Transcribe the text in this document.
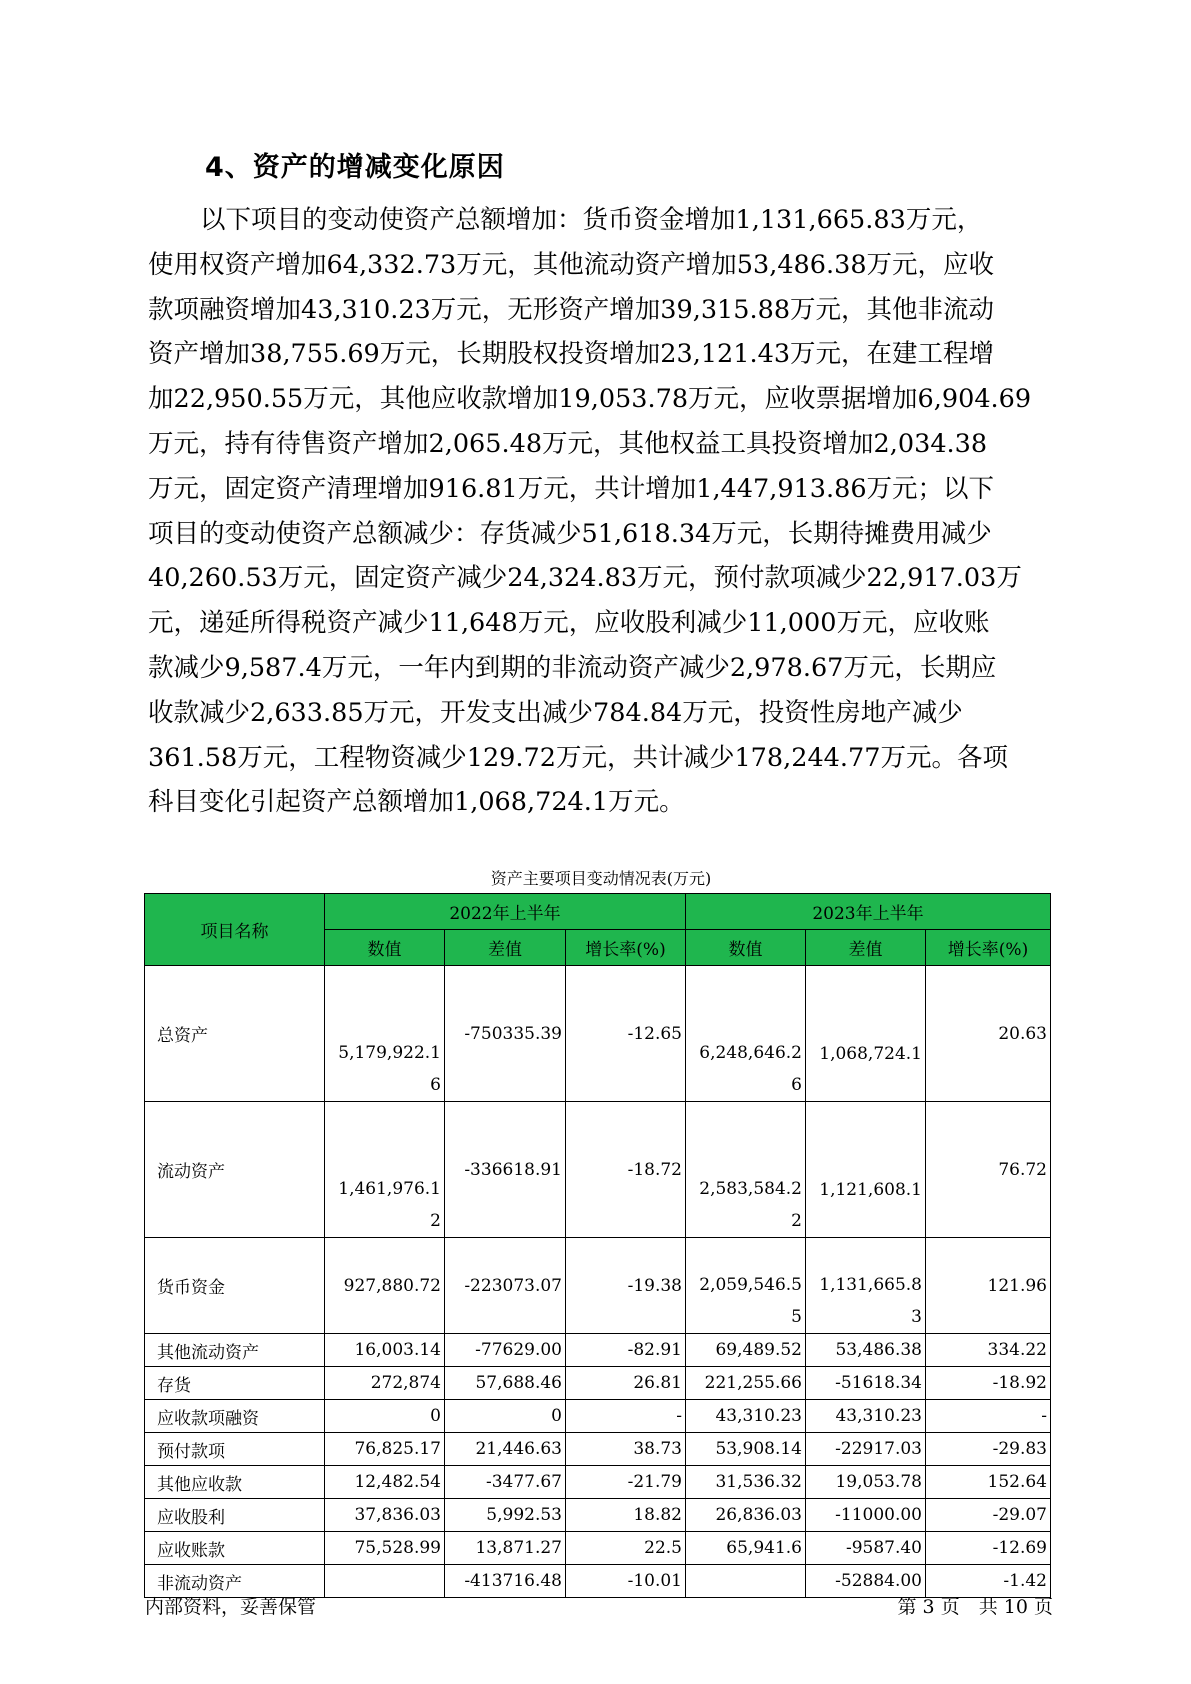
4、资产的增减变化原因

以下项目的变动使资产总额增加：货币资金增加1,131,665.83万元，
使用权资产增加64,332.73万元，其他流动资产增加53,486.38万元，应收
款项融资增加43,310.23万元，无形资产增加39,315.88万元，其他非流动
资产增加38,755.69万元，长期股权投资增加23,121.43万元，在建工程增
加22,950.55万元，其他应收款增加19,053.78万元，应收票据增加6,904.69
万元，持有待售资产增加2,065.48万元，其他权益工具投资增加2,034.38
万元，固定资产清理增加916.81万元，共计增加1,447,913.86万元；以下
项目的变动使资产总额减少：存货减少51,618.34万元，长期待摊费用减少
40,260.53万元，固定资产减少24,324.83万元，预付款项减少22,917.03万
元，递延所得税资产减少11,648万元，应收股利减少11,000万元，应收账
款减少9,587.4万元，一年内到期的非流动资产减少2,978.67万元，长期应
收款减少2,633.85万元，开发支出减少784.84万元，投资性房地产减少
361.58万元，工程物资减少129.72万元，共计减少178,244.77万元。各项
科目变化引起资产总额增加1,068,724.1万元。

资产主要项目变动情况表(万元)
项目名称	2022年上半年			2023年上半年		
	数值	差值	增长率(%)	数值	差值	增长率(%)
总资产	5,179,922.16	-750335.39	-12.65	6,248,646.26	1,068,724.1	20.63
流动资产	1,461,976.12	-336618.91	-18.72	2,583,584.22	1,121,608.1	76.72
货币资金	927,880.72	-223073.07	-19.38	2,059,546.55	1,131,665.83	121.96
其他流动资产	16,003.14	-77629.00	-82.91	69,489.52	53,486.38	334.22
存货	272,874	57,688.46	26.81	221,255.66	-51618.34	-18.92
应收款项融资	0	0	-	43,310.23	43,310.23	-
预付款项	76,825.17	21,446.63	38.73	53,908.14	-22917.03	-29.83
其他应收款	12,482.54	-3477.67	-21.79	31,536.32	19,053.78	152.64
应收股利	37,836.03	5,992.53	18.82	26,836.03	-11000.00	-29.07
应收账款	75,528.99	13,871.27	22.5	65,941.6	-9587.40	-12.69
非流动资产		-413716.48	-10.01		-52884.00	-1.42
内部资料，妥善保管	第 3 页　共 10 页
